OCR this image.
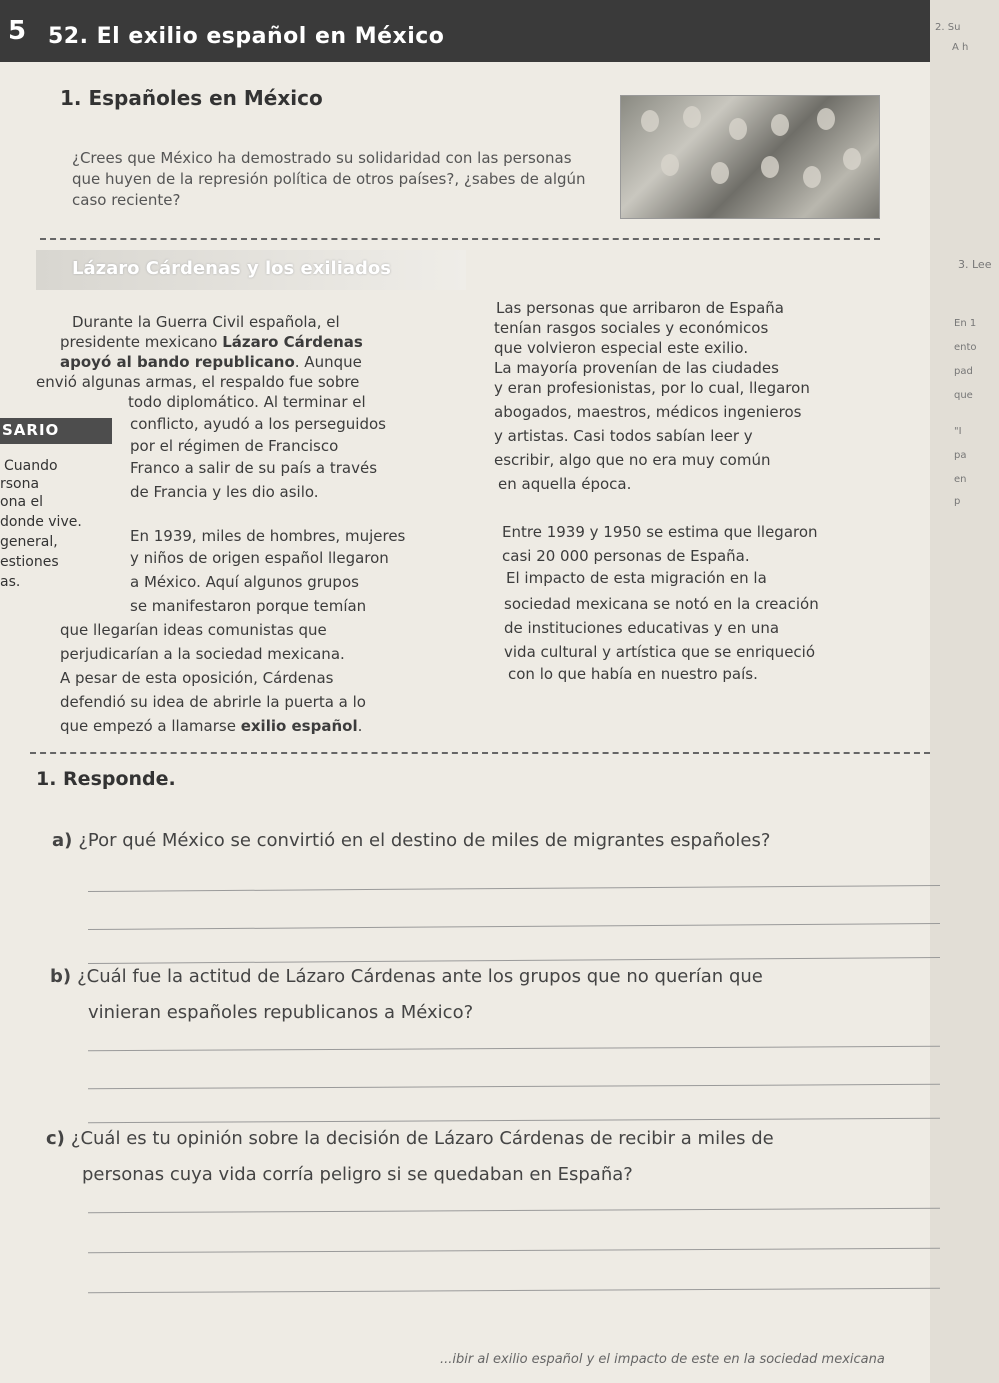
2. Su
A h
3. Lee
En 1
ento
pad
que
"I
pa
en
p
5 52. El exilio español en México
1. Españoles en México
¿Crees que México ha demostrado su solidaridad con las personas que huyen de la represión política de otros países?, ¿sabes de algún caso reciente?
Lázaro Cárdenas y los exiliados
SARIO
Cuando
rsona
ona el
donde vive.
general,
estiones
as.
Durante la Guerra Civil española, el
presidente mexicano Lázaro Cárdenas
apoyó al bando republicano. Aunque
envió algunas armas, el respaldo fue sobre
todo diplomático. Al terminar el
conflicto, ayudó a los perseguidos
por el régimen de Francisco
Franco a salir de su país a través
de Francia y les dio asilo.
En 1939, miles de hombres, mujeres
y niños de origen español llegaron
a México. Aquí algunos grupos
se manifestaron porque temían
que llegarían ideas comunistas que
perjudicarían a la sociedad mexicana.
A pesar de esta oposición, Cárdenas
defendió su idea de abrirle la puerta a lo
que empezó a llamarse exilio español.
Las personas que arribaron de España
tenían rasgos sociales y económicos
que volvieron especial este exilio.
La mayoría provenían de las ciudades
y eran profesionistas, por lo cual, llegaron
abogados, maestros, médicos ingenieros
y artistas. Casi todos sabían leer y
escribir, algo que no era muy común
en aquella época.
Entre 1939 y 1950 se estima que llegaron
casi 20 000 personas de España.
El impacto de esta migración en la
sociedad mexicana se notó en la creación
de instituciones educativas y en una
vida cultural y artística que se enriqueció
con lo que había en nuestro país.
1. Responde.
a) ¿Por qué México se convirtió en el destino de miles de migrantes españoles?
b) ¿Cuál fue la actitud de Lázaro Cárdenas ante los grupos que no querían que
vinieran españoles republicanos a México?
c) ¿Cuál es tu opinión sobre la decisión de Lázaro Cárdenas de recibir a miles de
personas cuya vida corría peligro si se quedaban en España?
...ibir al exilio español y el impacto de este en la sociedad mexicana
